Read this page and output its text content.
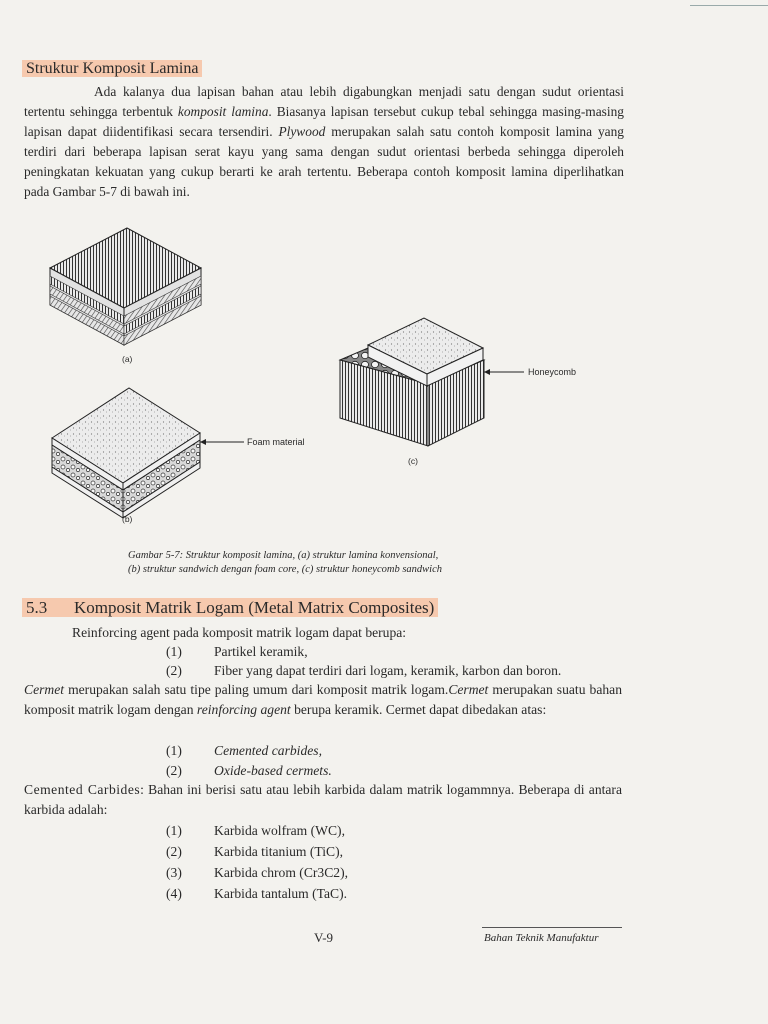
Struktur Komposit Lamina
Ada kalanya dua lapisan bahan atau lebih digabungkan menjadi satu dengan sudut orientasi tertentu sehingga terbentuk komposit lamina. Biasanya lapisan tersebut cukup tebal sehingga masing-masing lapisan dapat diidentifikasi secara tersendiri. Plywood merupakan salah satu contoh komposit lamina yang terdiri dari beberapa lapisan serat kayu yang sama dengan sudut orientasi berbeda sehingga diperoleh peningkatan kekuatan yang cukup berarti ke arah tertentu. Beberapa contoh komposit lamina diperlihatkan pada Gambar 5-7 di bawah ini.
(a)
(b)
(c)
Foam material
Honeycomb
Gambar 5-7: Struktur komposit lamina, (a) struktur lamina konvensional,
(b) struktur sandwich dengan foam core, (c) struktur honeycomb sandwich
5.3 Komposit Matrik Logam (Metal Matrix Composites)
Reinforcing agent pada komposit matrik logam dapat berupa:
(1) Partikel keramik,
(2) Fiber yang dapat terdiri dari logam, keramik, karbon dan boron.
Cermet merupakan salah satu tipe paling umum dari komposit matrik logam.Cermet merupakan suatu bahan komposit matrik logam dengan reinforcing agent berupa keramik. Cermet dapat dibedakan atas:
(1) Cemented carbides,
(2) Oxide-based cermets.
Cemented Carbides: Bahan ini berisi satu atau lebih karbida dalam matrik logammnya. Beberapa di antara karbida adalah:
(1) Karbida wolfram (WC),
(2) Karbida titanium (TiC),
(3) Karbida chrom (Cr3C2),
(4) Karbida tantalum (TaC).
V-9	Bahan Teknik Manufaktur
